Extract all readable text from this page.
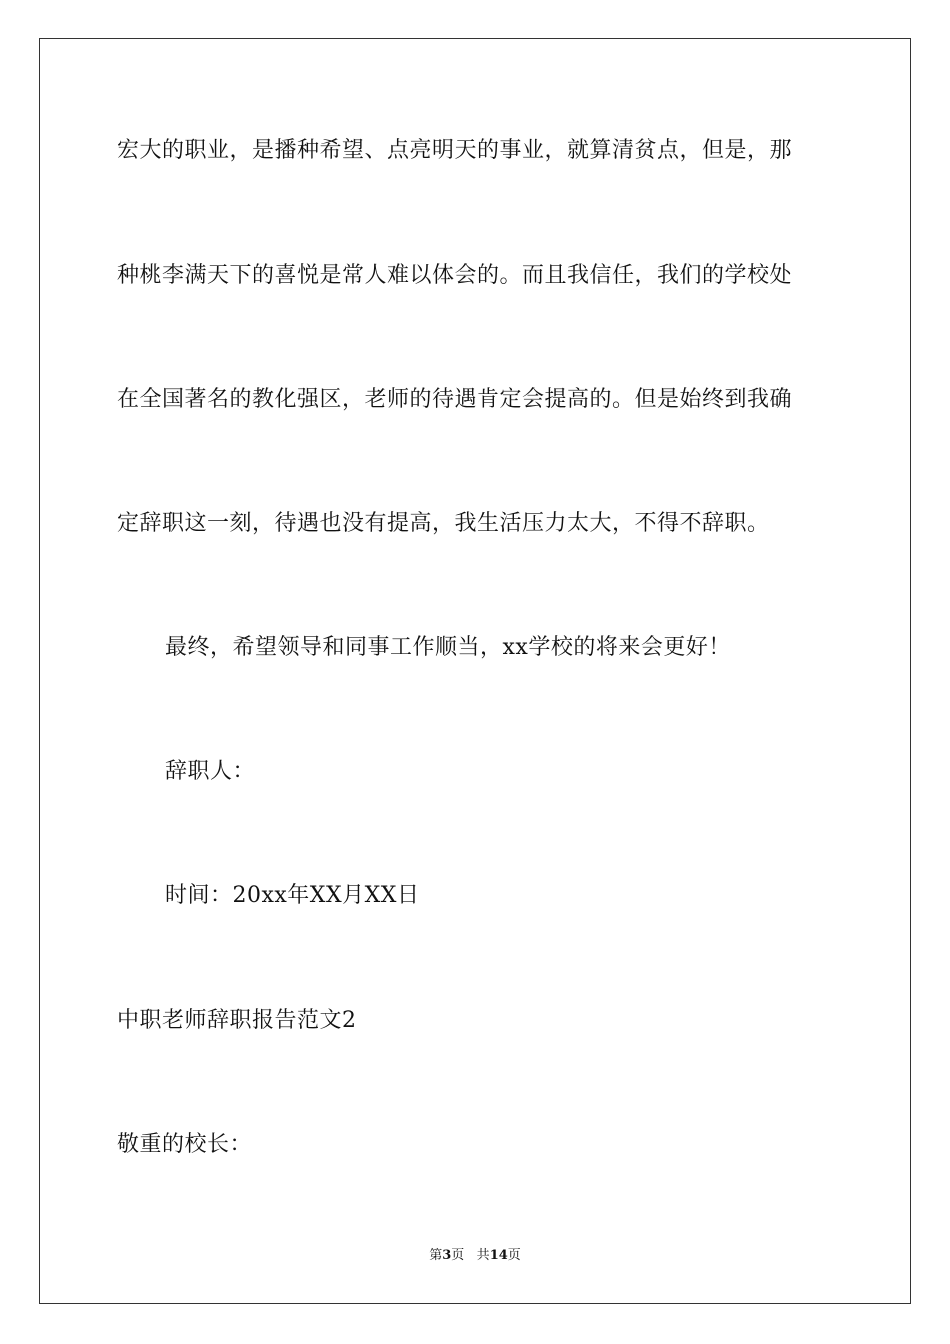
宏大的职业，是播种希望、点亮明天的事业，就算清贫点，但是，那
种桃李满天下的喜悦是常人难以体会的。而且我信任，我们的学校处
在全国著名的教化强区，老师的待遇肯定会提高的。但是始终到我确
定辞职这一刻，待遇也没有提高，我生活压力太大，不得不辞职。
最终，希望领导和同事工作顺当，xx学校的将来会更好！
辞职人：
时间：20xx年XX月XX日
中职老师辞职报告范文2
敬重的校长：
第3页 共14页
